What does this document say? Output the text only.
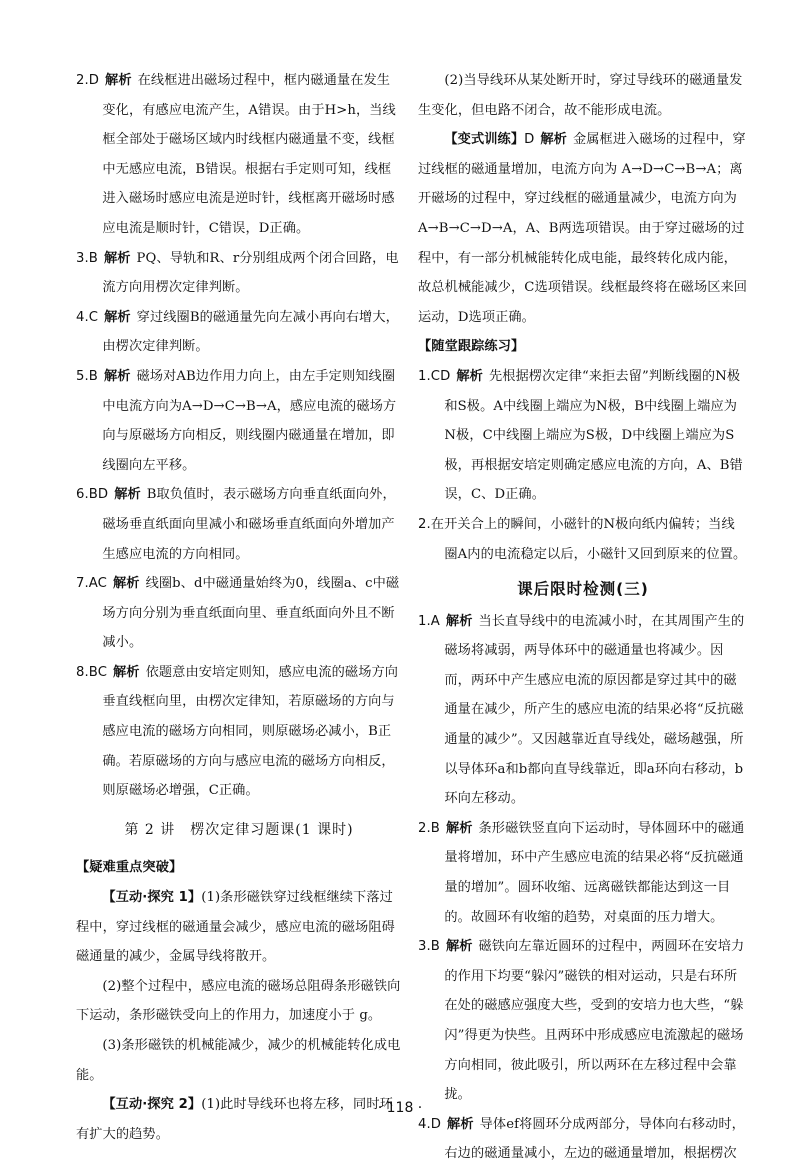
2.D 解析 在线框进出磁场过程中，框内磁通量在发生变化，有感应电流产生，A错误。由于H>h，当线框全部处于磁场区域内时线框内磁通量不变，线框中无感应电流，B错误。根据右手定则可知，线框进入磁场时感应电流是逆时针，线框离开磁场时感应电流是顺时针，C错误，D正确。

3.B 解析 PQ、导轨和R、r分别组成两个闭合回路，电流方向用楞次定律判断。

4.C 解析 穿过线圈B的磁通量先向左减小再向右增大，由楞次定律判断。

5.B 解析 磁场对AB边作用力向上，由左手定则知线圈中电流方向为A→D→C→B→A，感应电流的磁场方向与原磁场方向相反，则线圈内磁通量在增加，即线圈向左平移。

6.BD 解析 B取负值时，表示磁场方向垂直纸面向外，磁场垂直纸面向里减小和磁场垂直纸面向外增加产生感应电流的方向相同。

7.AC 解析 线圈b、d中磁通量始终为0，线圈a、c中磁场方向分别为垂直纸面向里、垂直纸面向外且不断减小。

8.BC 解析 依题意由安培定则知，感应电流的磁场方向垂直线框向里，由楞次定律知，若原磁场的方向与感应电流的磁场方向相同，则原磁场必减小，B正确。若原磁场的方向与感应电流的磁场方向相反，则原磁场必增强，C正确。

第 2 讲　楞次定律习题课(1 课时)

【疑难重点突破】

【互动·探究 1】(1)条形磁铁穿过线框继续下落过程中，穿过线框的磁通量会减少，感应电流的磁场阻碍磁通量的减少，金属导线将散开。

(2)整个过程中，感应电流的磁场总阻碍条形磁铁向下运动，条形磁铁受向上的作用力，加速度小于 g。

(3)条形磁铁的机械能减少，减少的机械能转化成电能。

【互动·探究 2】(1)此时导线环也将左移，同时环有扩大的趋势。

(2)当导线环从某处断开时，穿过导线环的磁通量发生变化，但电路不闭合，故不能形成电流。

【变式训练】D 解析 金属框进入磁场的过程中，穿过线框的磁通量增加，电流方向为 A→D→C→B→A；离开磁场的过程中，穿过线框的磁通量减少，电流方向为 A→B→C→D→A，A、B两选项错误。由于穿过磁场的过程中，有一部分机械能转化成电能，最终转化成内能，故总机械能减少，C选项错误。线框最终将在磁场区来回运动，D选项正确。

【随堂跟踪练习】

1.CD 解析 先根据楞次定律“来拒去留”判断线圈的N极和S极。A中线圈上端应为N极，B中线圈上端应为N极，C中线圈上端应为S极，D中线圈上端应为S极，再根据安培定则确定感应电流的方向，A、B错误，C、D正确。

2.在开关合上的瞬间，小磁针的N极向纸内偏转；当线圈A内的电流稳定以后，小磁针又回到原来的位置。

课后限时检测(三)

1.A 解析 当长直导线中的电流减小时，在其周围产生的磁场将减弱，两导体环中的磁通量也将减少。因而，两环中产生感应电流的原因都是穿过其中的磁通量在减少，所产生的感应电流的结果必将“反抗磁通量的减少”。又因越靠近直导线处，磁场越强，所以导体环a和b都向直导线靠近，即a环向右移动，b环向左移动。

2.B 解析 条形磁铁竖直向下运动时，导体圆环中的磁通量将增加，环中产生感应电流的结果必将“反抗磁通量的增加”。圆环收缩、远离磁铁都能达到这一目的。故圆环有收缩的趋势，对桌面的压力增大。

3.B 解析 磁铁向左靠近圆环的过程中，两圆环在安培力的作用下均要“躲闪”磁铁的相对运动，只是右环所在处的磁感应强度大些，受到的安培力也大些，“躲闪”得更为快些。且两环中形成感应电流激起的磁场方向相同，彼此吸引，所以两环在左移过程中会靠拢。

4.D 解析 导体ef将圆环分成两部分，导体向右移动时，右边的磁通量减小，左边的磁通量增加，根据楞次

· 118 ·
